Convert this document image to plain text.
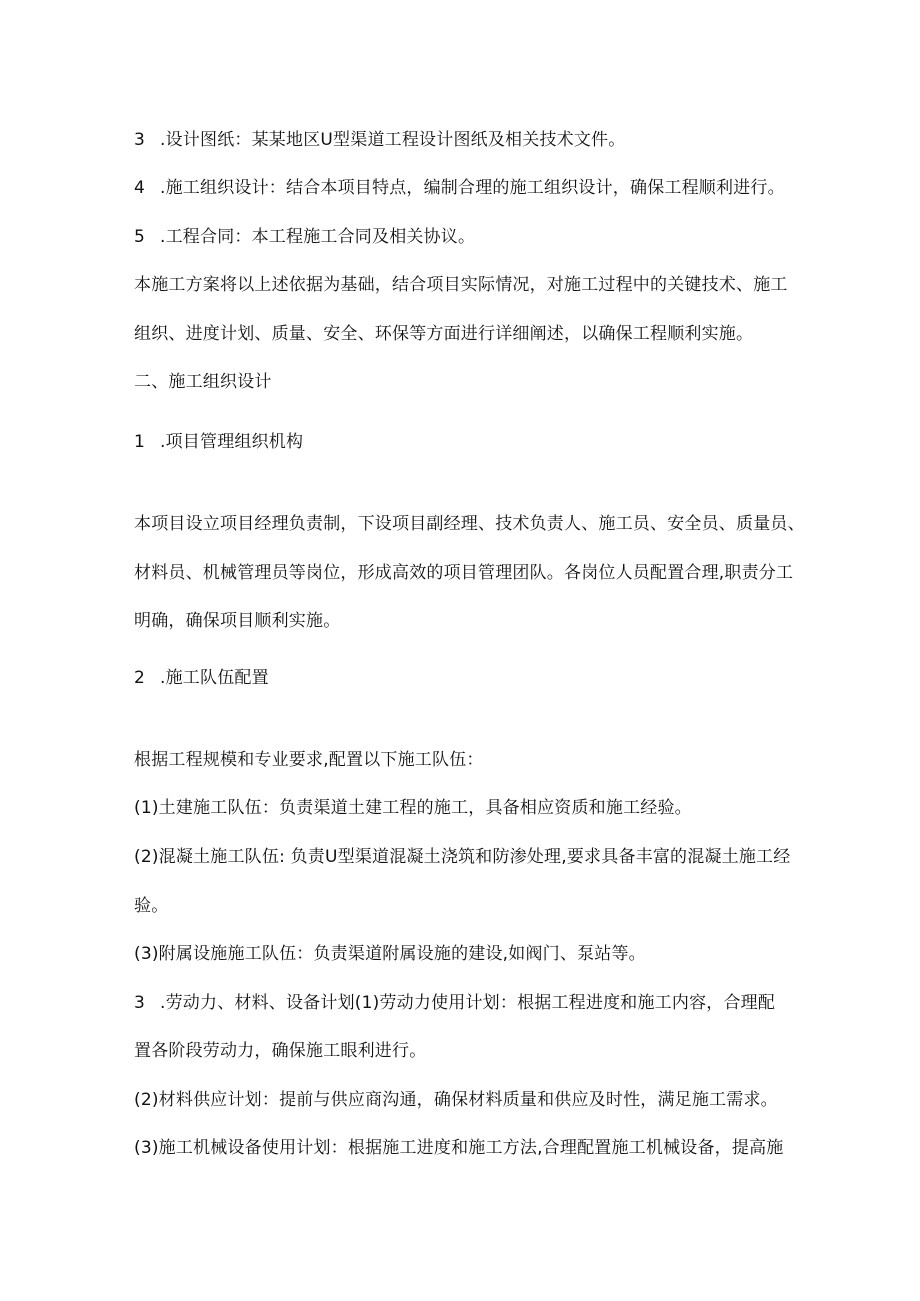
3 .设计图纸：某某地区U型渠道工程设计图纸及相关技术文件。
4 .施工组织设计：结合本项目特点，编制合理的施工组织设计，确保工程顺利进行。
5 .工程合同：本工程施工合同及相关协议。
本施工方案将以上述依据为基础，结合项目实际情况，对施工过程中的关键技术、施工
组织、进度计划、质量、安全、环保等方面进行详细阐述，以确保工程顺利实施。
二、施工组织设计
1 .项目管理组织机构
本项目设立项目经理负责制，下设项目副经理、技术负责人、施工员、安全员、质量员、
材料员、机械管理员等岗位，形成高效的项目管理团队。各岗位人员配置合理,职责分工
明确，确保项目顺利实施。
2 .施工队伍配置
根据工程规模和专业要求,配置以下施工队伍：
(1)土建施工队伍：负责渠道土建工程的施工，具备相应资质和施工经验。
(2)混凝土施工队伍: 负责U型渠道混凝土浇筑和防渗处理,要求具备丰富的混凝土施工经
验。
(3)附属设施施工队伍：负责渠道附属设施的建设,如阀门、泵站等。
3 .劳动力、材料、设备计划(1)劳动力使用计划：根据工程进度和施工内容，合理配
置各阶段劳动力，确保施工眼利进行。
(2)材料供应计划：提前与供应商沟通，确保材料质量和供应及时性，满足施工需求。
(3)施工机械设备使用计划：根据施工进度和施工方法,合理配置施工机械设备，提高施
